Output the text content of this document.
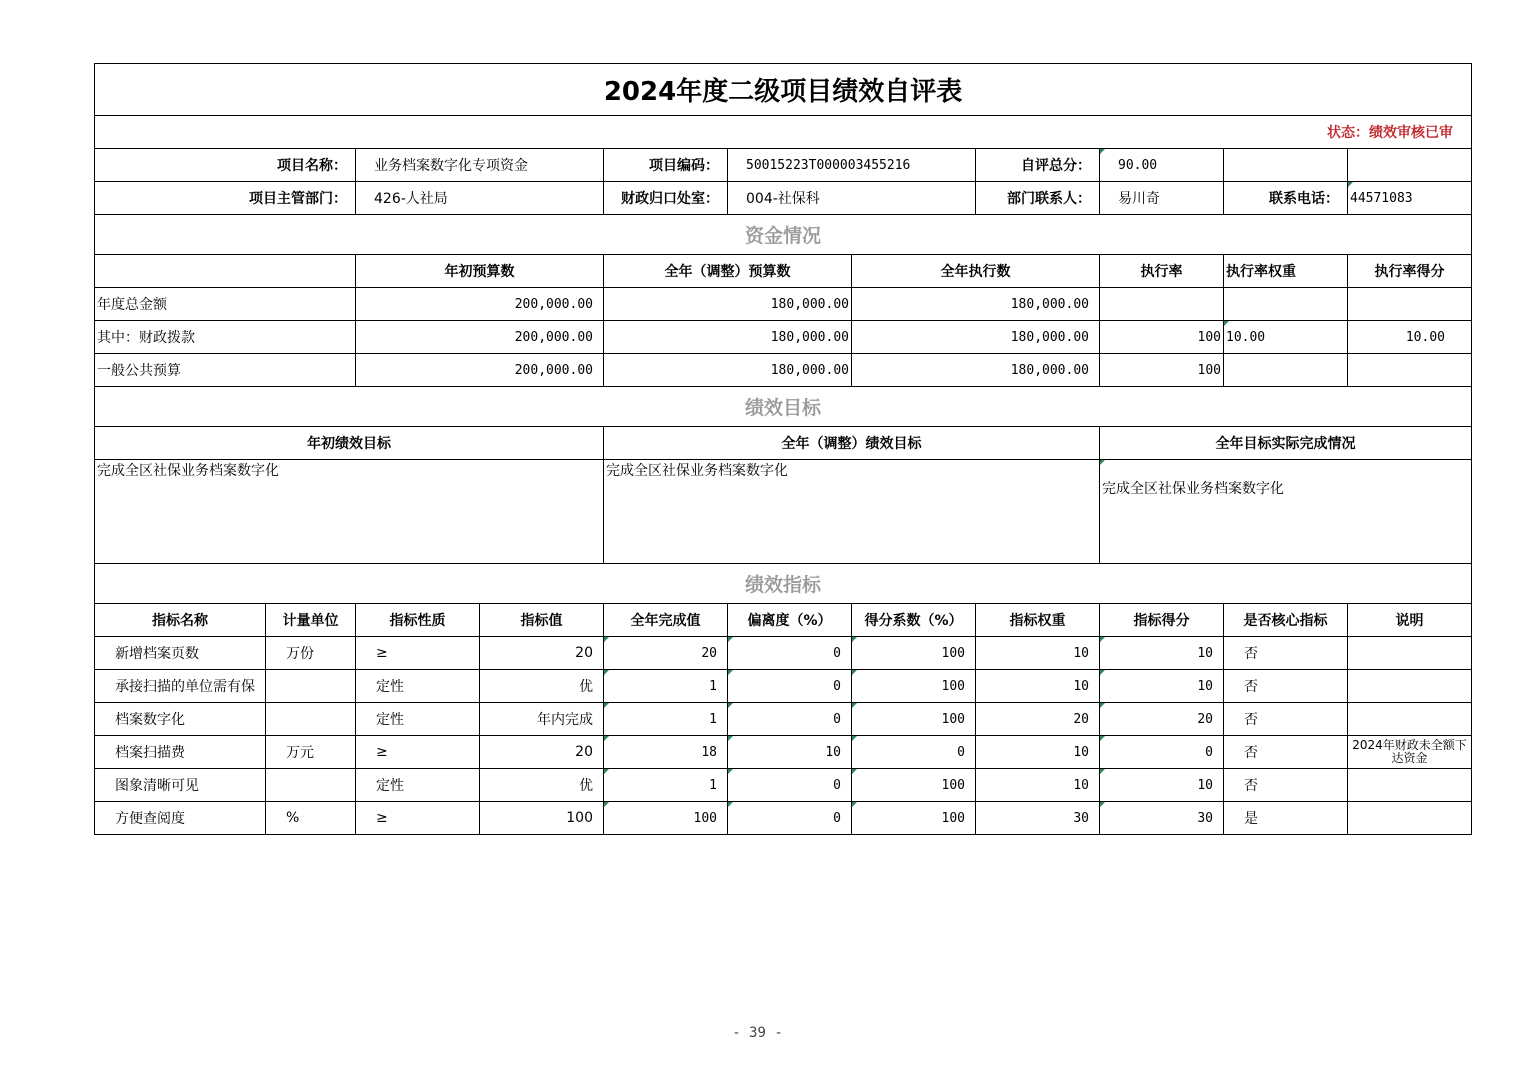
2024年度二级项目绩效自评表							
状态：绩效审核已审							
项目名称：	业务档案数字化专项资金	项目编码：	50015223T000003455216	自评总分：	90.00		
项目主管部门：	426-人社局	财政归口处室：	004-社保科	部门联系人：	易川奇	联系电话：	44571083
资金情况							
	年初预算数	全年（调整）预算数	全年执行数	执行率	执行率权重	执行率得分
年度总金额	200,000.00	180,000.00	180,000.00			
其中：财政拨款	200,000.00	180,000.00	180,000.00	100	10.00	10.00
一般公共预算	200,000.00	180,000.00	180,000.00	100		
绩效目标						
年初绩效目标	全年（调整）绩效目标	全年目标实际完成情况
完成全区社保业务档案数字化	完成全区社保业务档案数字化	完成全区社保业务档案数字化
绩效指标		
指标名称	计量单位	指标性质	指标值	全年完成值	偏离度（%）	得分系数（%）	指标权重	指标得分	是否核心指标	说明
新增档案页数	万份	≥	20	20	0	100	10	10	否	

承接扫描的单位需有保		定性	优	1	0	100	10	10	否	

档案数字化		定性	年内完成	1	0	100	20	20	否	

档案扫描费	万元	≥	20	18	10	0	10	0	否	2024年财政未全额下达资金

图象清晰可见		定性	优	1	0	100	10	10	否	

方便查阅度	%	≥	100	100	0	100	30	30	是	
- 39 -
